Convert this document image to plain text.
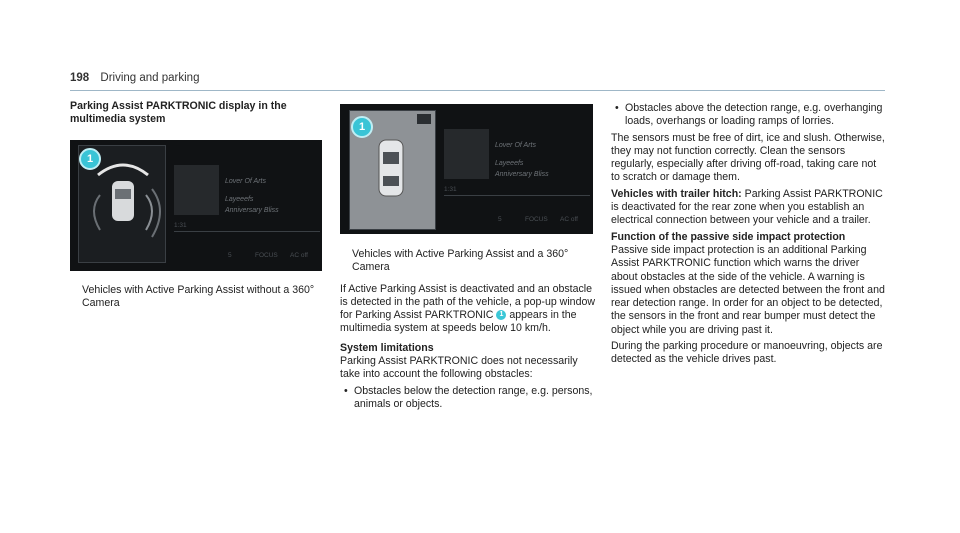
198 Driving and parking

Parking Assist PARKTRONIC display in the multimedia system

1
Lover Of Arts
Layeeefs
Anniversary Bliss
1:31
5	FOCUS AC off

Vehicles with Active Parking Assist without a 360° Camera

1
Lover Of Arts
Layeeefs
Anniversary Bliss
1:31
5	FOCUS AC off

Vehicles with Active Parking Assist and a 360° Camera

If Active Parking Assist is deactivated and an obstacle is detected in the path of the vehicle, a pop-up window for Parking Assist PARKTRONIC 1 appears in the multimedia system at speeds below 10 km/h.

System limitations

Parking Assist PARKTRONIC does not necessarily take into account the following obstacles:

• Obstacles below the detection range, e.g. persons, animals or objects.
• Obstacles above the detection range, e.g. overhanging loads, overhangs or loading ramps of lorries.

The sensors must be free of dirt, ice and slush. Otherwise, they may not function correctly. Clean the sensors regularly, especially after driving off-road, taking care not to scratch or damage them.

Vehicles with trailer hitch: Parking Assist PARKTRONIC is deactivated for the rear zone when you establish an electrical connection between your vehicle and a trailer.

Function of the passive side impact protection

Passive side impact protection is an additional Parking Assist PARKTRONIC function which warns the driver about obstacles at the side of the vehicle. A warning is issued when obstacles are detected between the front and rear detection range. In order for an object to be detected, the sensors in the front and rear bumper must detect the object while you are driving past it.

During the parking procedure or manoeuvring, objects are detected as the vehicle drives past.
